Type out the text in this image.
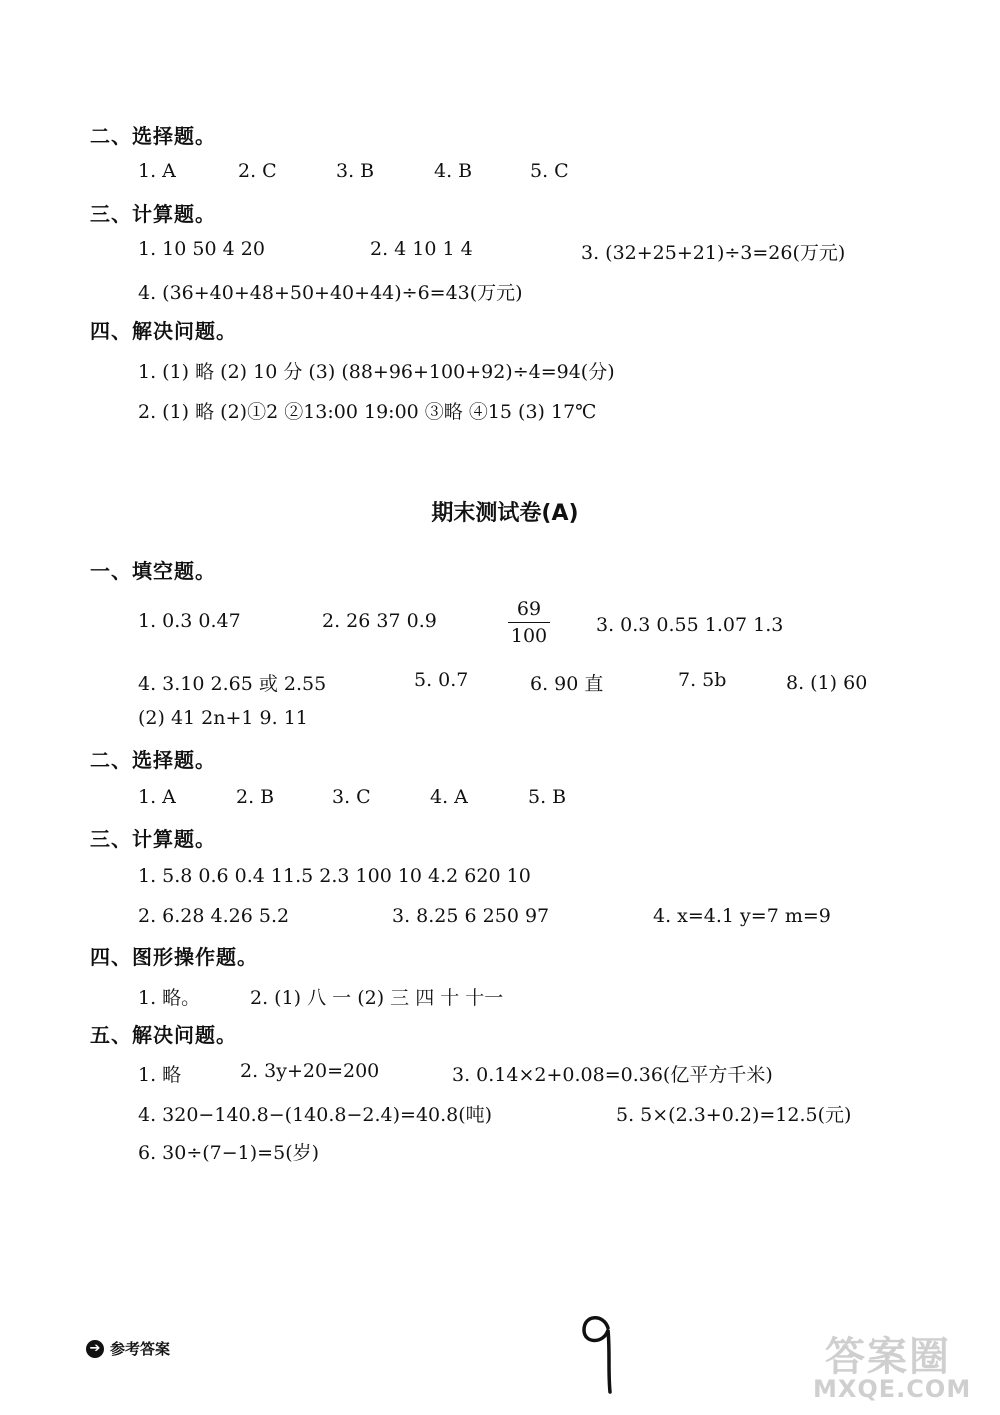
二、选择题。
1. A	2. C	3. B	4. B	5. C
三、计算题。
1. 10 50 4 20	2. 4 10 1 4	3. (32+25+21)÷3=26(万元)
4. (36+40+48+50+40+44)÷6=43(万元)
四、解决问题。
1. (1) 略 (2) 10 分 (3) (88+96+100+92)÷4=94(分)
2. (1) 略 (2)①2 ②13:00 19:00 ③略 ④15 (3) 17℃
期末测试卷(A)
一、填空题。
1. 0.3 0.47	2. 26 37 0.9	3. 0.3 0.55 1.07 1.3
$\frac{69}{100}$
4. 3.10 2.65 或 2.55	5. 0.7	6. 90 直	7. 5b	8. (1) 60
(2) 41 2n+1 9. 11
二、选择题。
1. A	2. B	3. C	4. A	5. B
三、计算题。
1. 5.8 0.6 0.4 11.5 2.3 100 10 4.2 620 10
2. 6.28 4.26 5.2	3. 8.25 6 250 97	4. x=4.1 y=7 m=9
四、图形操作题。
1. 略。	2. (1) 八 一 (2) 三 四 十 十一
五、解决问题。
1. 略	2. 3y+20=200	3. 0.14×2+0.08=0.36(亿平方千米)
4. 320−140.8−(140.8−2.4)=40.8(吨)	5. 5×(2.3+0.2)=12.5(元)
6. 30÷(7−1)=5(岁)
➔ 参考答案	答案圈
MXQE.COM
